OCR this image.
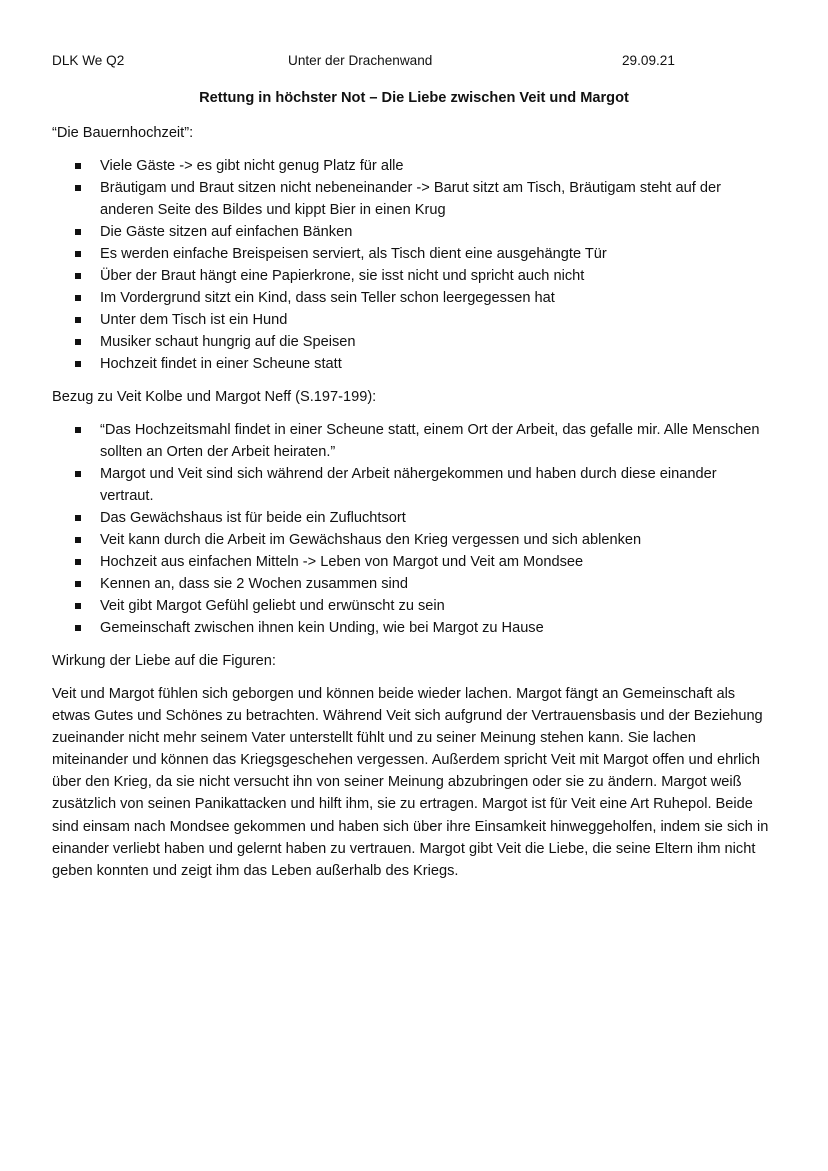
DLK We Q2	Unter der Drachenwand	29.09.21
Rettung in höchster Not – Die Liebe zwischen Veit und Margot

“Die Bauernhochzeit”:

Viele Gäste -> es gibt nicht genug Platz für alle
Bräutigam und Braut sitzen nicht nebeneinander -> Barut sitzt am Tisch, Bräutigam steht auf der anderen Seite des Bildes und kippt Bier in einen Krug
Die Gäste sitzen auf einfachen Bänken
Es werden einfache Breispeisen serviert, als Tisch dient eine ausgehängte Tür
Über der Braut hängt eine Papierkrone, sie isst nicht und spricht auch nicht
Im Vordergrund sitzt ein Kind, dass sein Teller schon leergegessen hat
Unter dem Tisch ist ein Hund
Musiker schaut hungrig auf die Speisen
Hochzeit findet in einer Scheune statt

Bezug zu Veit Kolbe und Margot Neff (S.197-199):

“Das Hochzeitsmahl findet in einer Scheune statt, einem Ort der Arbeit, das gefalle mir. Alle Menschen sollten an Orten der Arbeit heiraten.”
Margot und Veit sind sich während der Arbeit nähergekommen und haben durch diese einander vertraut.
Das Gewächshaus ist für beide ein Zufluchtsort
Veit kann durch die Arbeit im Gewächshaus den Krieg vergessen und sich ablenken
Hochzeit aus einfachen Mitteln -> Leben von Margot und Veit am Mondsee
Kennen an, dass sie 2 Wochen zusammen sind
Veit gibt Margot Gefühl geliebt und erwünscht zu sein
Gemeinschaft zwischen ihnen kein Unding, wie bei Margot zu Hause

Wirkung der Liebe auf die Figuren:

Veit und Margot fühlen sich geborgen und können beide wieder lachen. Margot fängt an Gemeinschaft als etwas Gutes und Schönes zu betrachten. Während Veit sich aufgrund der Vertrauensbasis und der Beziehung zueinander nicht mehr seinem Vater unterstellt fühlt und zu seiner Meinung stehen kann. Sie lachen miteinander und können das Kriegsgeschehen vergessen. Außerdem spricht Veit mit Margot offen und ehrlich über den Krieg, da sie nicht versucht ihn von seiner Meinung abzubringen oder sie zu ändern. Margot weiß zusätzlich von seinen Panikattacken und hilft ihm, sie zu ertragen. Margot ist für Veit eine Art Ruhepol. Beide sind einsam nach Mondsee gekommen und haben sich über ihre Einsamkeit hinweggeholfen, indem sie sich in einander verliebt haben und gelernt haben zu vertrauen. Margot gibt Veit die Liebe, die seine Eltern ihm nicht geben konnten und zeigt ihm das Leben außerhalb des Kriegs.
